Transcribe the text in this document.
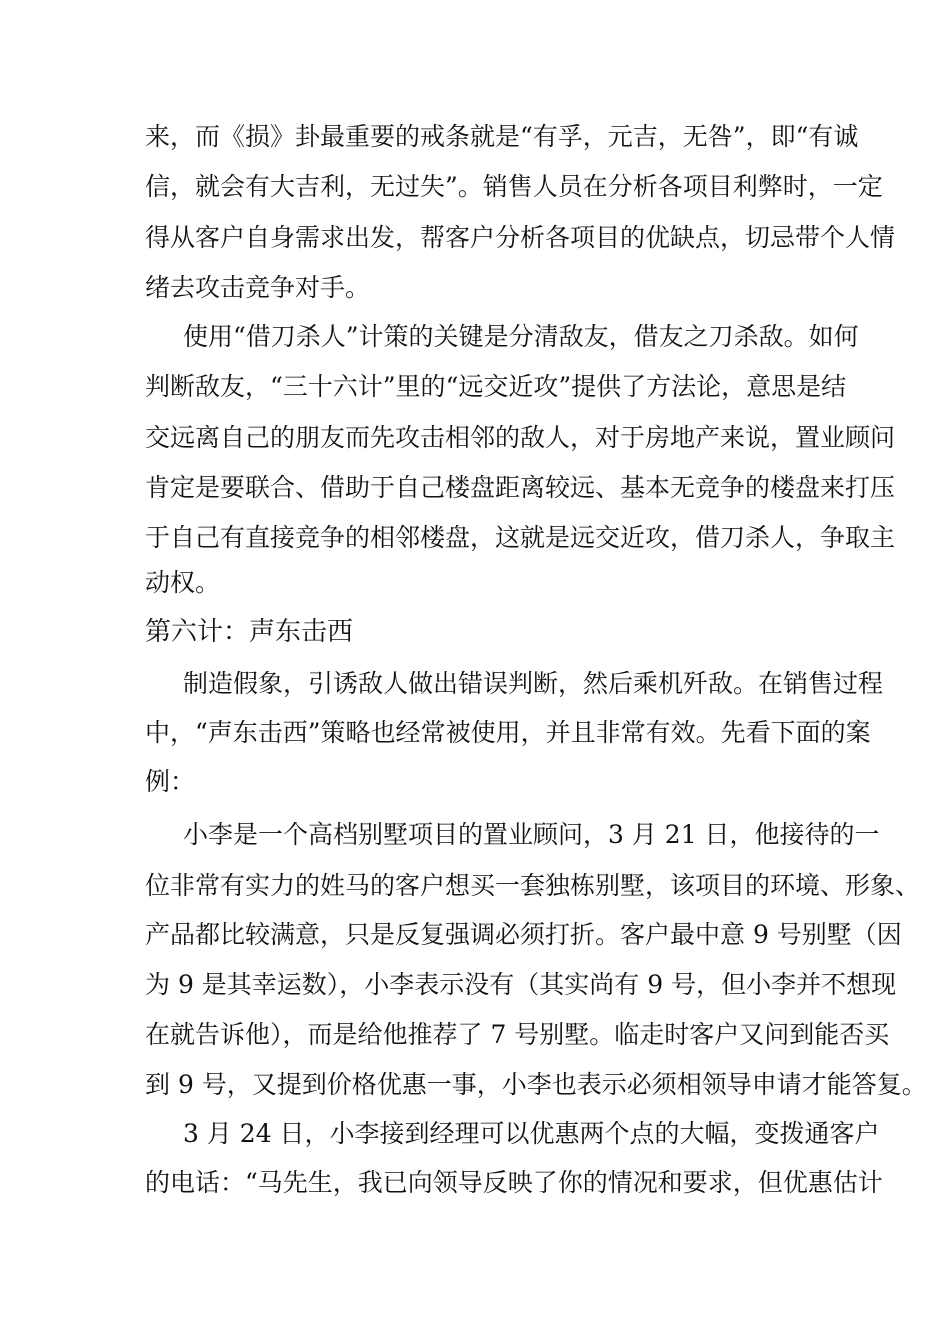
来，而《损》卦最重要的戒条就是“有孚，元吉，无咎”，即“有诚
信，就会有大吉利，无过失”。销售人员在分析各项目利弊时，一定
得从客户自身需求出发，帮客户分析各项目的优缺点，切忌带个人情
绪去攻击竞争对手。
使用“借刀杀人”计策的关键是分清敌友，借友之刀杀敌。如何
判断敌友，“三十六计”里的“远交近攻”提供了方法论，意思是结
交远离自己的朋友而先攻击相邻的敌人，对于房地产来说，置业顾问
肯定是要联合、借助于自己楼盘距离较远、基本无竞争的楼盘来打压
于自己有直接竞争的相邻楼盘，这就是远交近攻，借刀杀人，争取主
动权。
第六计：声东击西
制造假象，引诱敌人做出错误判断，然后乘机歼敌。在销售过程
中，“声东击西”策略也经常被使用，并且非常有效。先看下面的案
例：
小李是一个高档别墅项目的置业顾问，3 月 21 日，他接待的一
位非常有实力的姓马的客户想买一套独栋别墅，该项目的环境、形象、
产品都比较满意，只是反复强调必须打折。客户最中意 9 号别墅（因
为 9 是其幸运数），小李表示没有（其实尚有 9 号，但小李并不想现
在就告诉他），而是给他推荐了 7 号别墅。临走时客户又问到能否买
到 9 号，又提到价格优惠一事，小李也表示必须相领导申请才能答复。
3 月 24 日，小李接到经理可以优惠两个点的大幅，变拨通客户
的电话：“马先生，我已向领导反映了你的情况和要求，但优惠估计
